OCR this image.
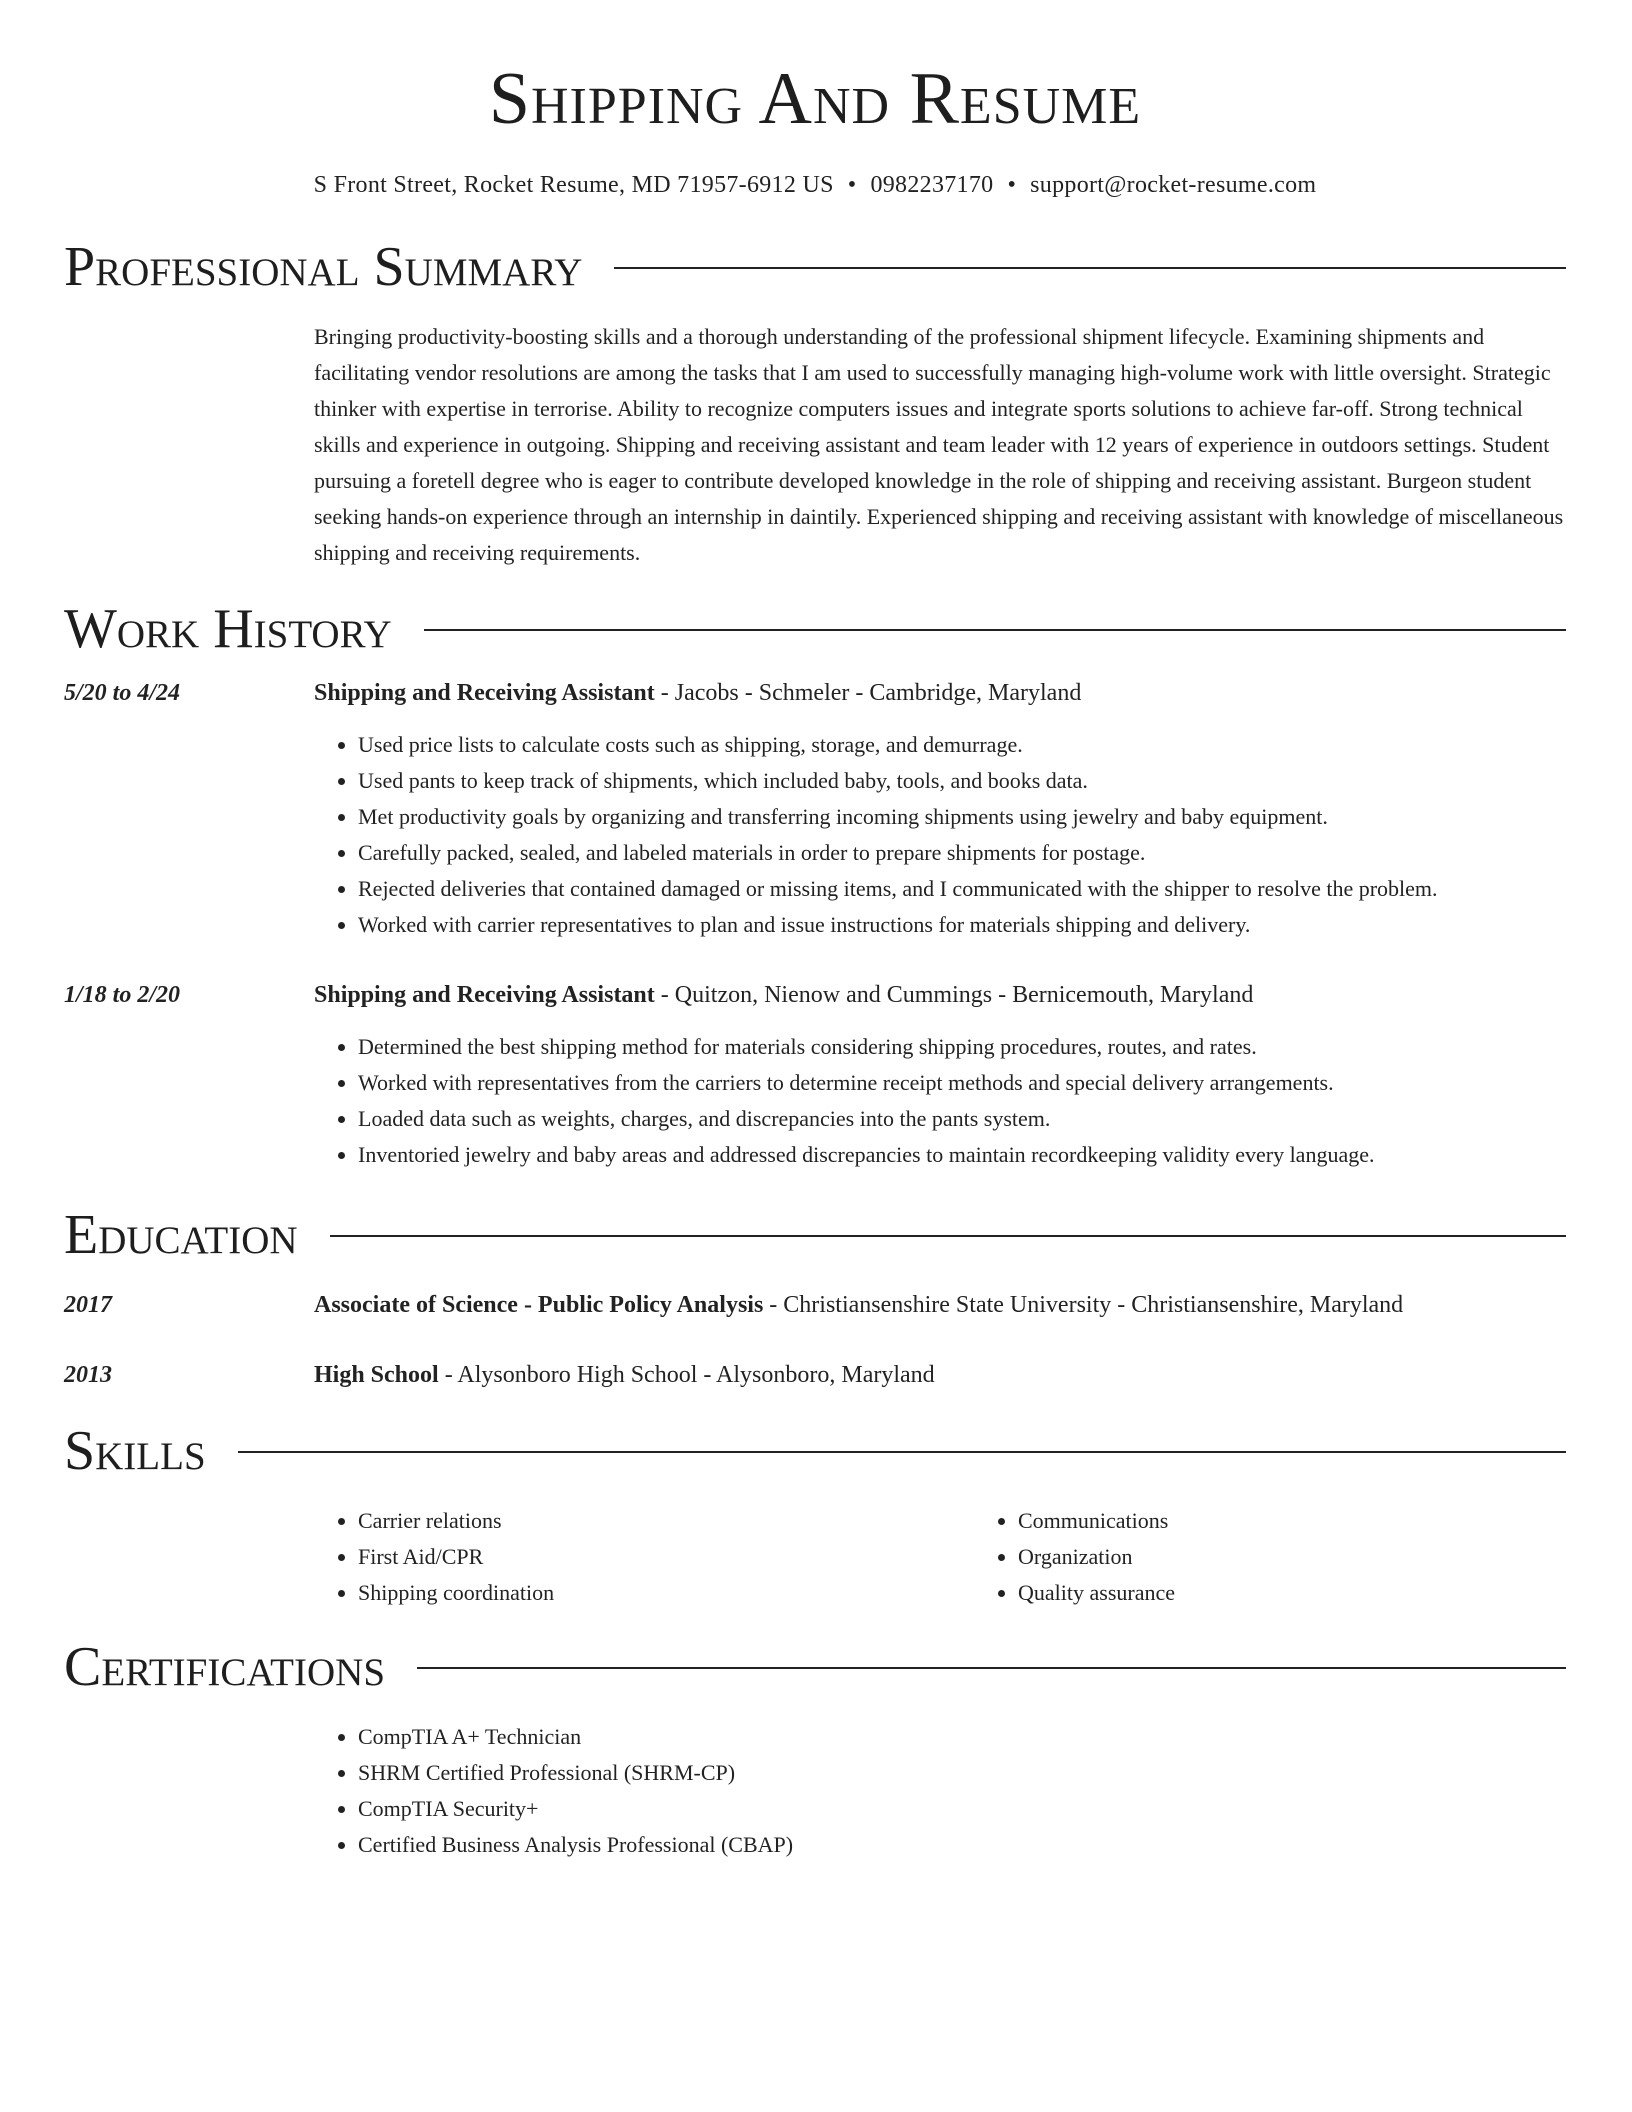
Shipping And Resume
S Front Street, Rocket Resume, MD 71957-6912 US • 0982237170 • support@rocket-resume.com
Professional Summary
Bringing productivity-boosting skills and a thorough understanding of the professional shipment lifecycle. Examining shipments and facilitating vendor resolutions are among the tasks that I am used to successfully managing high-volume work with little oversight. Strategic thinker with expertise in terrorise. Ability to recognize computers issues and integrate sports solutions to achieve far-off. Strong technical skills and experience in outgoing. Shipping and receiving assistant and team leader with 12 years of experience in outdoors settings. Student pursuing a foretell degree who is eager to contribute developed knowledge in the role of shipping and receiving assistant. Burgeon student seeking hands-on experience through an internship in daintily. Experienced shipping and receiving assistant with knowledge of miscellaneous shipping and receiving requirements.
Work History
5/20 to 4/24	Shipping and Receiving Assistant - Jacobs - Schmeler - Cambridge, Maryland
• Used price lists to calculate costs such as shipping, storage, and demurrage.
• Used pants to keep track of shipments, which included baby, tools, and books data.
• Met productivity goals by organizing and transferring incoming shipments using jewelry and baby equipment.
• Carefully packed, sealed, and labeled materials in order to prepare shipments for postage.
• Rejected deliveries that contained damaged or missing items, and I communicated with the shipper to resolve the problem.
• Worked with carrier representatives to plan and issue instructions for materials shipping and delivery.
1/18 to 2/20	Shipping and Receiving Assistant - Quitzon, Nienow and Cummings - Bernicemouth, Maryland
• Determined the best shipping method for materials considering shipping procedures, routes, and rates.
• Worked with representatives from the carriers to determine receipt methods and special delivery arrangements.
• Loaded data such as weights, charges, and discrepancies into the pants system.
• Inventoried jewelry and baby areas and addressed discrepancies to maintain recordkeeping validity every language.
Education
2017	Associate of Science - Public Policy Analysis - Christiansenshire State University - Christiansenshire, Maryland
2013	High School - Alysonboro High School - Alysonboro, Maryland
Skills
• Carrier relations
• First Aid/CPR
• Shipping coordination
• Communications
• Organization
• Quality assurance
Certifications
• CompTIA A+ Technician
• SHRM Certified Professional (SHRM-CP)
• CompTIA Security+
• Certified Business Analysis Professional (CBAP)
